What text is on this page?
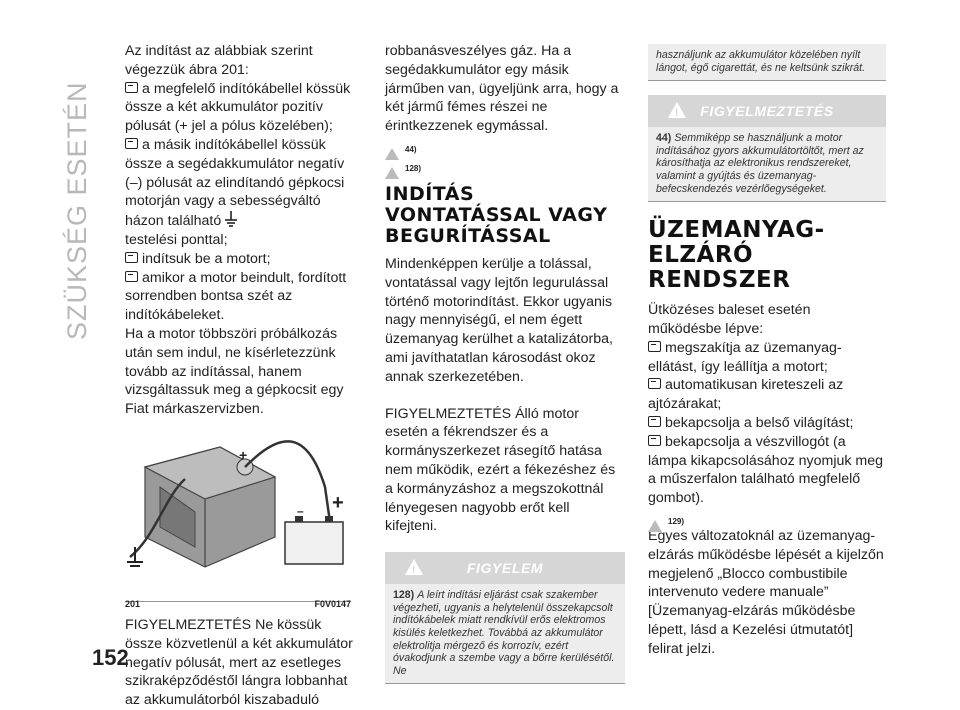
SZÜKSÉG ESETÉN
152

Az indítást az alábbiak szerint végezzük ábra 201:

a megfelelő indítókábellel kössük össze a két akkumulátor pozitív pólusát (+ jel a pólus közelében);

a másik indítókábellel kössük össze a segédakkumulátor negatív (–) pólusát az elindítandó gépkocsi motorján vagy a sebességváltó házon található
testelési ponttal;

indítsuk be a motort;

amikor a motor beindult, fordított sorrendben bontsa szét az indítókábeleket.

Ha a motor többszöri próbálkozás után sem indul, ne kísérletezzünk tovább az indítással, hanem vizsgáltassuk meg a gépkocsit egy Fiat márkaszervizben.

+
– +
201	F0V0147

FIGYELMEZTETÉS Ne kössük össze közvetlenül a két akkumulátor negatív pólusát, mert az esetleges szikraképződéstől lángra lobbanhat az akkumulátorból kiszabaduló

robbanásveszélyes gáz. Ha a segédakkumulátor egy másik járműben van, ügyeljünk arra, hogy a két jármű fémes részei ne érintkezzenek egymással.

44)
128)
INDÍTÁS VONTATÁSSAL VAGY BEGURÍTÁSSAL

Mindenképpen kerülje a tolással, vontatással vagy lejtőn legurulással történő motorindítást. Ekkor ugyanis nagy mennyiségű, el nem égett üzemanyag kerülhet a katalizátorba, ami javíthatatlan károsodást okoz annak szerkezetében.

FIGYELMEZTETÉS Álló motor esetén a fékrendszer és a kormányszerkezet rásegítő hatása nem működik, ezért a fékezéshez és a kormányzáshoz a megszokottnál lényegesen nagyobb erőt kell kifejteni.

!	FIGYELEM
128) A leírt indítási eljárást csak szakember végezheti, ugyanis a helytelenül összekapcsolt indítókábelek miatt rendkívül erős elektromos kisülés keletkezhet. Továbbá az akkumulátor elektrolitja mérgező és korrozív, ezért óvakodjunk a szembe vagy a bőrre kerülésétől. Ne
használjunk az akkumulátor közelében nyílt lángot, égő cigarettát, és ne keltsünk szikrát.
! FIGYELMEZTETÉS
44) Semmiképp se használjunk a motor indításához gyors akkumulátortöltőt, mert az károsíthatja az elektronikus rendszereket, valamint a gyújtás és üzemanyag-befecskendezés vezérlőegységeket.
ÜZEMANYAG-ELZÁRÓ RENDSZER

Ütközéses baleset esetén működésbe lépve:

megszakítja az üzemanyag-ellátást, így leállítja a motort;

automatikusan kireteszeli az ajtózárakat;

bekapcsolja a belső világítást;

bekapcsolja a vészvillogót (a lámpa kikapcsolásához nyomjuk meg a műszerfalon található megfelelő gombot).

129)

Egyes változatoknál az üzemanyag-elzárás működésbe lépését a kijelzőn megjelenő „Blocco combustibile intervenuto vedere manuale” [Üzemanyag-elzárás működésbe lépett, lásd a Kezelési útmutatót] felirat jelzi.
